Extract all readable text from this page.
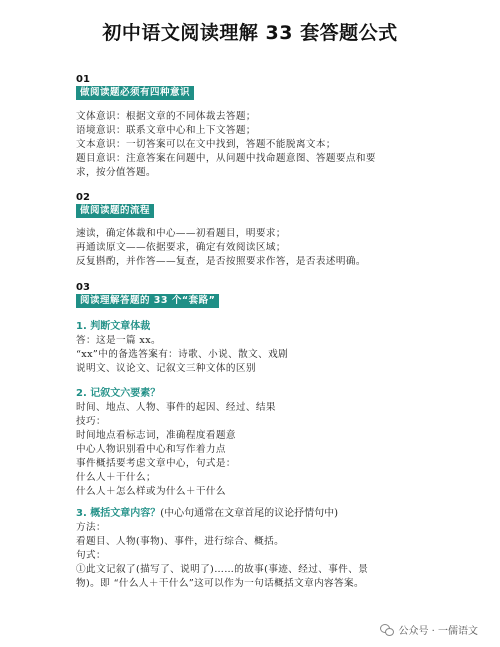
初中语文阅读理解 33 套答题公式
01
做阅读题必须有四种意识
文体意识：根据文章的不同体裁去答题；
语境意识：联系文章中心和上下文答题；
文本意识：一切答案可以在文中找到，答题不能脱离文本；
题目意识：注意答案在问题中，从问题中找命题意图、答题要点和要
求，按分值答题。
02
做阅读题的流程
速读，确定体裁和中心——初看题目，明要求；
再通读原文——依据要求，确定有效阅读区域；
反复斟酌，并作答——复查，是否按照要求作答，是否表述明确。
03
阅读理解答题的 33 个“套路”
1. 判断文章体裁
答：这是一篇 xx。
“xx”中的备选答案有：诗歌、小说、散文、戏剧
说明文、议论文、记叙文三种文体的区别
2. 记叙文六要素？
时间、地点、人物、事件的起因、经过、结果
技巧：
时间地点看标志词，准确程度看题意
中心人物识别看中心和写作着力点
事件概括要考虑文章中心，句式是：
什么人＋干什么；
什么人＋怎么样或为什么＋干什么
3. 概括文章内容？(中心句通常在文章首尾的议论抒情句中)
方法：
看题目、人物(事物)、事件，进行综合、概括。
句式：
①此文记叙了(描写了、说明了)……的故事(事迹、经过、事件、景
物)。即 “什么人＋干什么”这可以作为一句话概括文章内容答案。
公众号 · 一儒语文
